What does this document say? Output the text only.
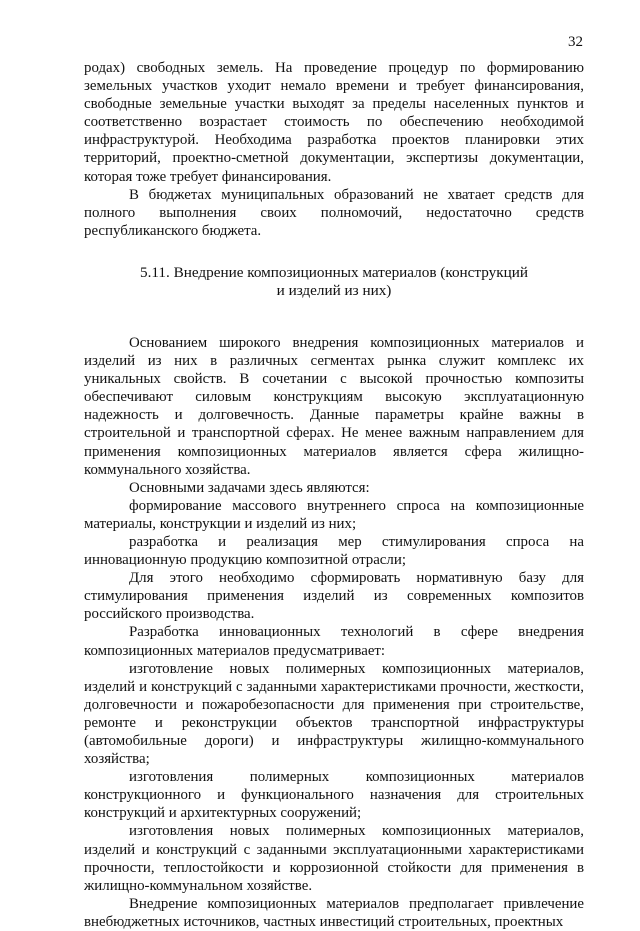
32

родах) свободных земель. На проведение процедур по формированию земельных участков уходит немало времени и требует финансирования, свободные земельные участки выходят за пределы населенных пунктов и соответственно возрастает стоимость по обеспечению необходимой инфраструктурой. Необходима разработка проектов планировки этих территорий, проектно-сметной документации, экспертизы документации, которая тоже требует финансирования.

В бюджетах муниципальных образований не хватает средств для полного выполнения своих полномочий, недостаточно средств республиканского бюджета.

5.11. Внедрение композиционных материалов (конструкций
и изделий из них)

Основанием широкого внедрения композиционных материалов и изделий из них в различных сегментах рынка служит комплекс их уникальных свойств. В сочетании с высокой прочностью композиты обеспечивают силовым конструкциям высокую эксплуатационную надежность и долговечность. Данные параметры крайне важны в строительной и транспортной сферах. Не менее важным направлением для применения композиционных материалов является сфера жилищно-коммунального хозяйства.

Основными задачами здесь являются:

формирование массового внутреннего спроса на композиционные материалы, конструкции и изделий из них;

разработка и реализация мер стимулирования спроса на инновационную продукцию композитной отрасли;

Для этого необходимо сформировать нормативную базу для стимулирования применения изделий из современных композитов российского производства.

Разработка инновационных технологий в сфере внедрения композиционных материалов предусматривает:

изготовление новых полимерных композиционных материалов, изделий и конструкций с заданными характеристиками прочности, жесткости, долговечности и пожаробезопасности для применения при строительстве, ремонте и реконструкции объектов транспортной инфраструктуры (автомобильные дороги) и инфраструктуры жилищно-коммунального хозяйства;

изготовления полимерных композиционных материалов конструкционного и функционального назначения для строительных конструкций и архитектурных сооружений;

изготовления новых полимерных композиционных материалов, изделий и конструкций с заданными эксплуатационными характеристиками прочности, теплостойкости и коррозионной стойкости для применения в жилищно-коммунальном хозяйстве.

Внедрение композиционных материалов предполагает привлечение внебюджетных источников, частных инвестиций строительных, проектных
